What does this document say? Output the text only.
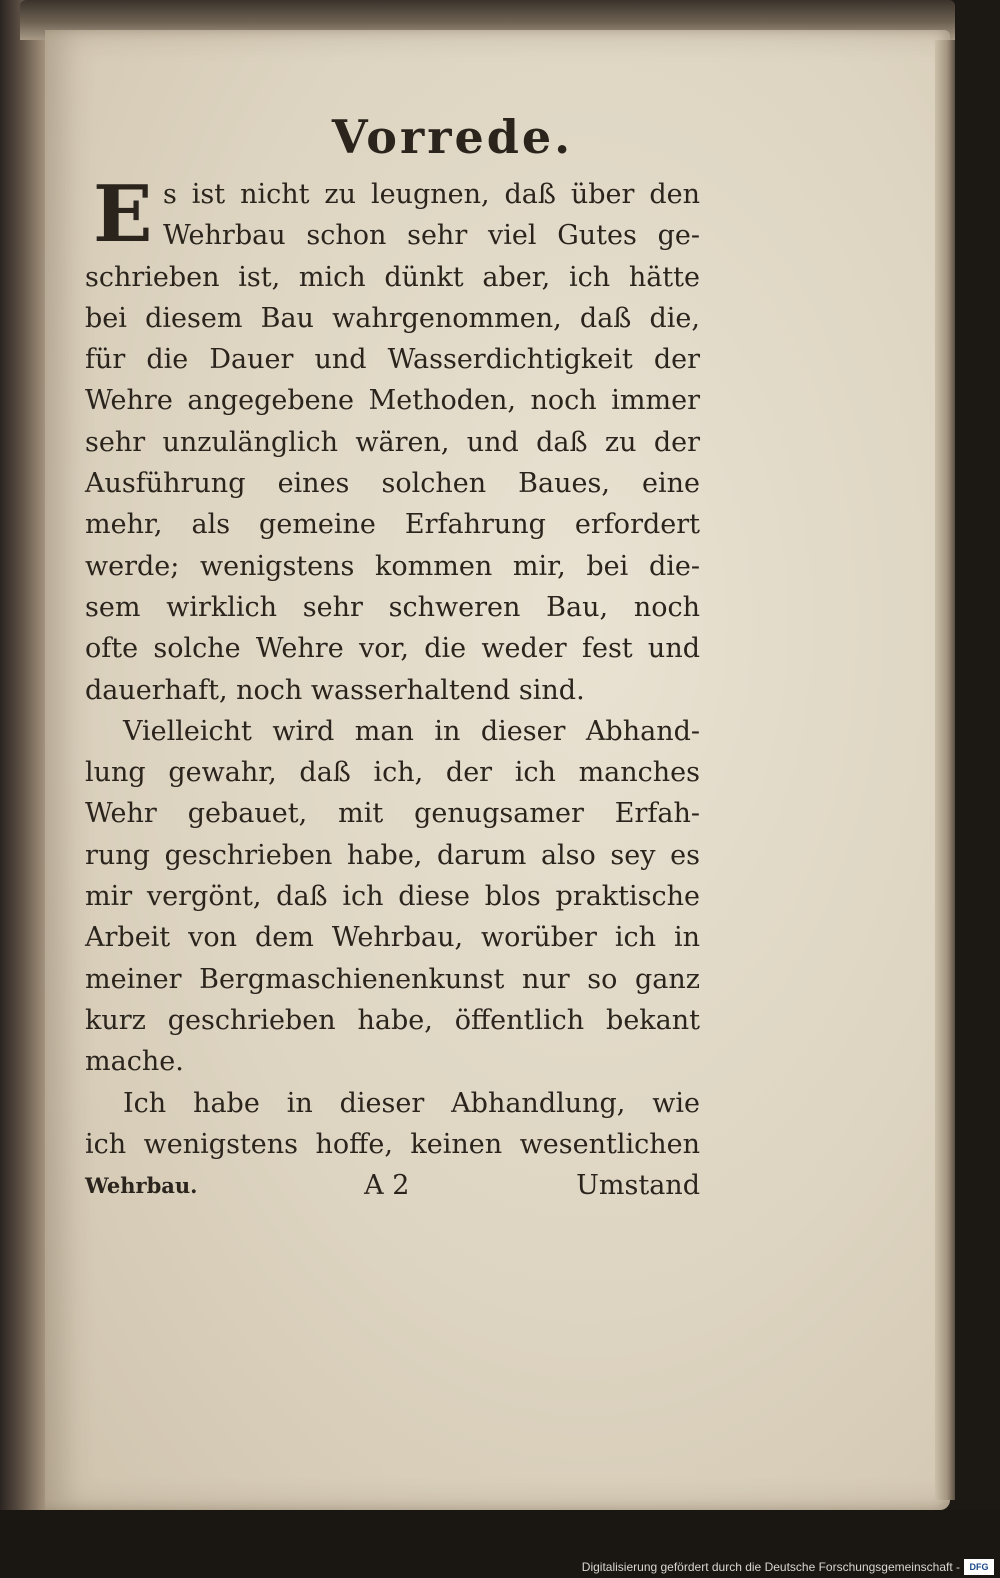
Vorrede.
E s ist nicht zu leugnen, daß über den
Wehrbau schon sehr viel Gutes ge-
schrieben ist, mich dünkt aber, ich hätte
bei diesem Bau wahrgenommen, daß die,
für die Dauer und Wasserdichtigkeit der
Wehre angegebene Methoden, noch immer
sehr unzulänglich wären, und daß zu der
Ausführung eines solchen Baues, eine
mehr, als gemeine Erfahrung erfordert
werde; wenigstens kommen mir, bei die-
sem wirklich sehr schweren Bau, noch
ofte solche Wehre vor, die weder fest und
dauerhaft, noch wasserhaltend sind.
Vielleicht wird man in dieser Abhand-
lung gewahr, daß ich, der ich manches
Wehr gebauet, mit genugsamer Erfah-
rung geschrieben habe, darum also sey es
mir vergönt, daß ich diese blos praktische
Arbeit von dem Wehrbau, worüber ich in
meiner Bergmaschienenkunst nur so ganz
kurz geschrieben habe, öffentlich bekant
mache.
Ich habe in dieser Abhandlung, wie
ich wenigstens hoffe, keinen wesentlichen
Wehrbau.	A 2	Umstand
Digitalisierung gefördert durch die Deutsche Forschungsgemeinschaft -	DFG
